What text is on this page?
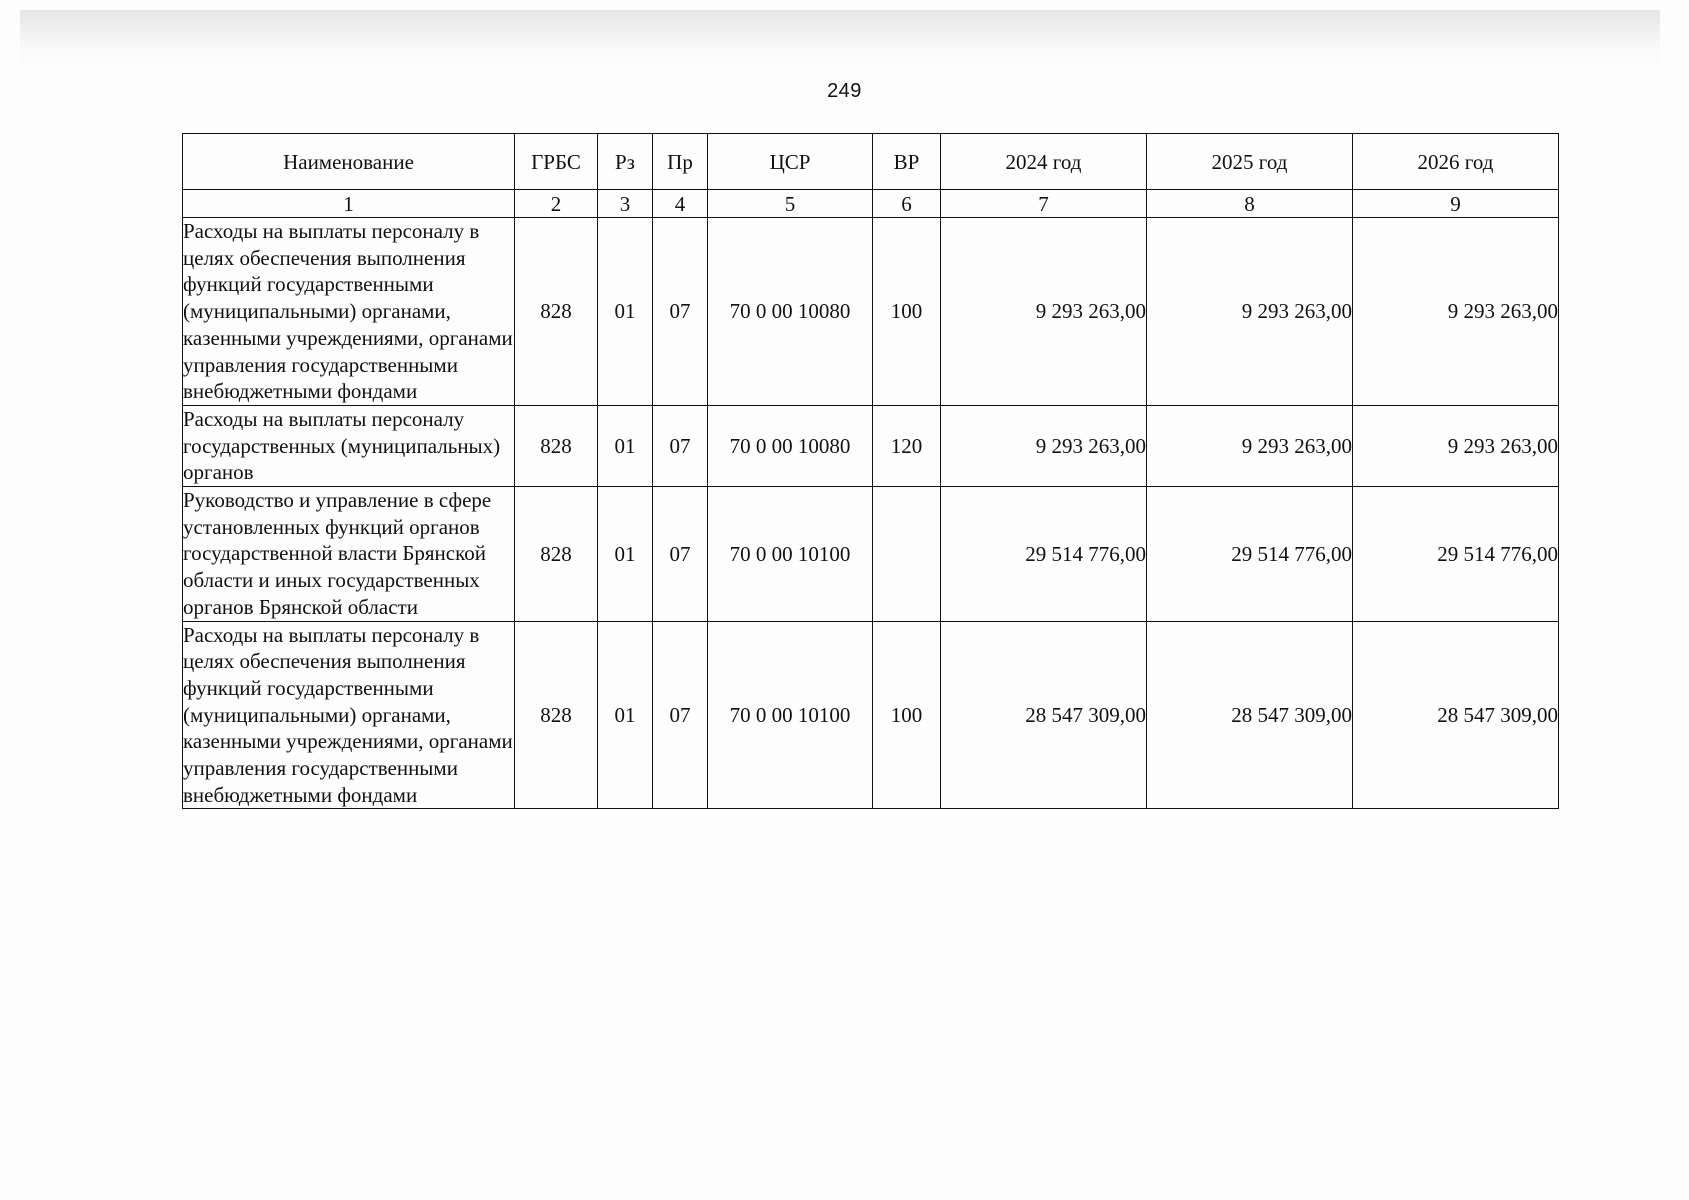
249
Наименование	ГРБС	Рз	Пр	ЦСР	ВР	2024 год	2025 год	2026 год
1	2	3	4	5	6	7	8	9
Расходы на выплаты персоналу в целях обеспечения выполнения функций государственными (муниципальными) органами, казенными учреждениями, органами управления государственными внебюджетными фондами	828	01	07	70 0 00 10080	100	9 293 263,00	9 293 263,00	9 293 263,00
Расходы на выплаты персоналу государственных (муниципальных) органов	828	01	07	70 0 00 10080	120	9 293 263,00	9 293 263,00	9 293 263,00
Руководство и управление в сфере установленных функций органов государственной власти Брянской области и иных государственных органов Брянской области	828	01	07	70 0 00 10100		29 514 776,00	29 514 776,00	29 514 776,00
Расходы на выплаты персоналу в целях обеспечения выполнения функций государственными (муниципальными) органами, казенными учреждениями, органами управления государственными внебюджетными фондами	828	01	07	70 0 00 10100	100	28 547 309,00	28 547 309,00	28 547 309,00
